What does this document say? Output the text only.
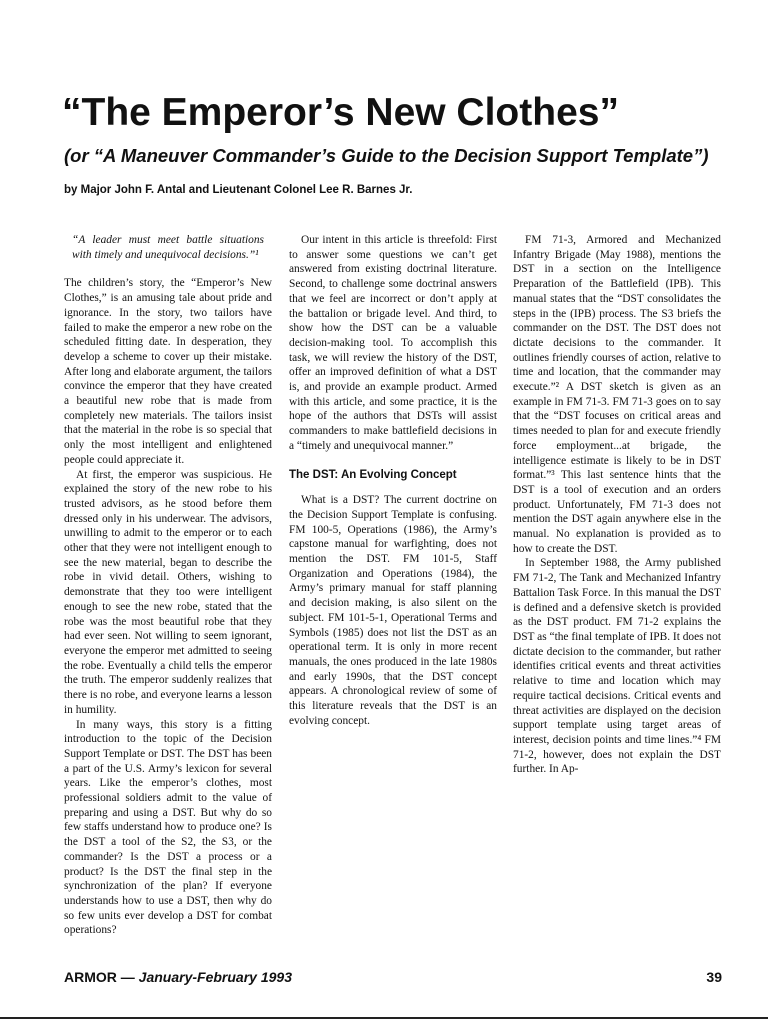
“The Emperor’s New Clothes”
(or “A Maneuver Commander’s Guide to the Decision Support Template”)
by Major John F. Antal and Lieutenant Colonel Lee R. Barnes Jr.

“A leader must meet battle situations with timely and unequivocal decisions.”¹

The children’s story, the “Emperor’s New Clothes,” is an amusing tale about pride and ignorance. In the story, two tailors have failed to make the emperor a new robe on the scheduled fitting date. In desperation, they develop a scheme to cover up their mistake. After long and elaborate argument, the tailors convince the emperor that they have created a beautiful new robe that is made from completely new materials. The tailors insist that the material in the robe is so special that only the most intelligent and enlightened people could appreciate it.

At first, the emperor was suspicious. He explained the story of the new robe to his trusted advisors, as he stood before them dressed only in his underwear. The advisors, unwilling to admit to the emperor or to each other that they were not intelligent enough to see the new material, began to describe the robe in vivid detail. Others, wishing to demonstrate that they too were intelligent enough to see the new robe, stated that the robe was the most beautiful robe that they had ever seen. Not willing to seem ignorant, everyone the emperor met admitted to seeing the robe. Eventually a child tells the emperor the truth. The emperor suddenly realizes that there is no robe, and everyone learns a lesson in humility.

In many ways, this story is a fitting introduction to the topic of the Decision Support Template or DST. The DST has been a part of the U.S. Army’s lexicon for several years. Like the emperor’s clothes, most professional soldiers admit to the value of preparing and using a DST. But why do so few staffs understand how to produce one? Is the DST a tool of the S2, the S3, or the commander? Is the DST a process or a product? Is the DST the final step in the synchronization of the plan? If everyone understands how to use a DST, then why do so few units ever develop a DST for combat operations?

Our intent in this article is threefold: First to answer some questions we can’t get answered from existing doctrinal literature. Second, to challenge some doctrinal answers that we feel are incorrect or don’t apply at the battalion or brigade level. And third, to show how the DST can be a valuable decision-making tool. To accomplish this task, we will review the history of the DST, offer an improved definition of what a DST is, and provide an example product. Armed with this article, and some practice, it is the hope of the authors that DSTs will assist commanders to make battlefield decisions in a “timely and unequivocal manner.”

The DST: An Evolving Concept

What is a DST? The current doctrine on the Decision Support Template is confusing. FM 100-5, Operations (1986), the Army’s capstone manual for warfighting, does not mention the DST. FM 101-5, Staff Organization and Operations (1984), the Army’s primary manual for staff planning and decision making, is also silent on the subject. FM 101-5-1, Operational Terms and Symbols (1985) does not list the DST as an operational term. It is only in more recent manuals, the ones produced in the late 1980s and early 1990s, that the DST concept appears. A chronological review of some of this literature reveals that the DST is an evolving concept.

FM 71-3, Armored and Mechanized Infantry Brigade (May 1988), mentions the DST in a section on the Intelligence Preparation of the Battlefield (IPB). This manual states that the “DST consolidates the steps in the (IPB) process. The S3 briefs the commander on the DST. The DST does not dictate decisions to the commander. It outlines friendly courses of action, relative to time and location, that the commander may execute.”² A DST sketch is given as an example in FM 71-3. FM 71-3 goes on to say that the “DST focuses on critical areas and times needed to plan for and execute friendly force employment...at brigade, the intelligence estimate is likely to be in DST format.”³ This last sentence hints that the DST is a tool of execution and an orders product. Unfortunately, FM 71-3 does not mention the DST again anywhere else in the manual. No explanation is provided as to how to create the DST.

In September 1988, the Army published FM 71-2, The Tank and Mechanized Infantry Battalion Task Force. In this manual the DST is defined and a defensive sketch is provided as the DST product. FM 71-2 explains the DST as “the final template of IPB. It does not dictate decision to the commander, but rather identifies critical events and threat activities relative to time and location which may require tactical decisions. Critical events and threat activities are displayed on the decision support template using target areas of interest, decision points and time lines.”⁴ FM 71-2, however, does not explain the DST further. In Ap-

ARMOR — January-February 1993	39
